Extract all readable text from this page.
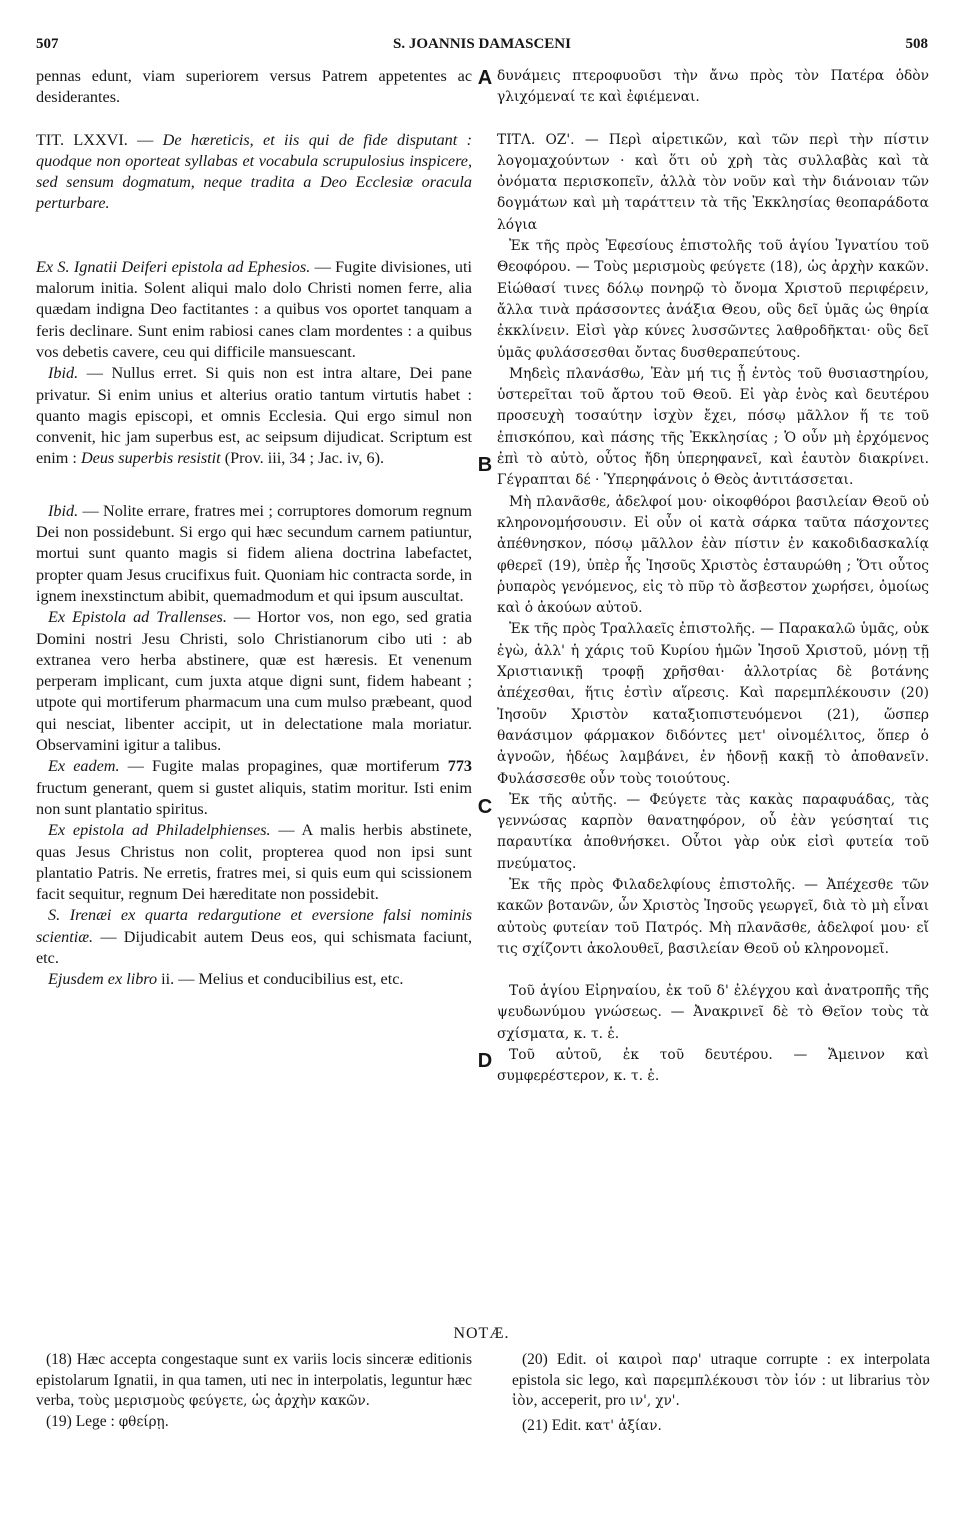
507	S. JOANNIS DAMASCENI	508
A
B
C
D

pennas edunt, viam superiorem versus Patrem appetentes ac desiderantes.

TIT. LXXVI. — De hæreticis, et iis qui de fide disputant : quodque non oporteat syllabas et vocabula scrupulosius inspicere, sed sensum dogmatum, neque tradita a Deo Ecclesiæ oracula perturbare.

Ex S. Ignatii Deiferi epistola ad Ephesios. — Fugite divisiones, uti malorum initia. Solent aliqui malo dolo Christi nomen ferre, alia quædam indigna Deo factitantes : a quibus vos oportet tanquam a feris declinare. Sunt enim rabiosi canes clam mordentes : a quibus vos debetis cavere, ceu qui difficile mansuescant.

Ibid. — Nullus erret. Si quis non est intra altare, Dei pane privatur. Si enim unius et alterius oratio tantum virtutis habet : quanto magis episcopi, et omnis Ecclesia. Qui ergo simul non convenit, hic jam superbus est, ac seipsum dijudicat. Scriptum est enim : Deus superbis resistit (Prov. iii, 34 ; Jac. iv, 6).

Ibid. — Nolite errare, fratres mei ; corruptores domorum regnum Dei non possidebunt. Si ergo qui hæc secundum carnem patiuntur, mortui sunt quanto magis si fidem aliena doctrina labefactet, propter quam Jesus crucifixus fuit. Quoniam hic contracta sorde, in ignem inexstinctum abibit, quemadmodum et qui ipsum auscultat.

Ex Epistola ad Trallenses. — Hortor vos, non ego, sed gratia Domini nostri Jesu Christi, solo Christianorum cibo uti : ab extranea vero herba abstinere, quæ est hæresis. Et venenum perperam implicant, cum juxta atque digni sunt, fidem habeant ; utpote qui mortiferum pharmacum una cum mulso præbeant, quod qui nesciat, libenter accipit, ut in delectatione mala moriatur. Observamini igitur a talibus.

Ex eadem. — Fugite malas propagines, quæ mortiferum 773 fructum generant, quem si gustet aliquis, statim moritur. Isti enim non sunt plantatio spiritus.

Ex epistola ad Philadelphienses. — A malis herbis abstinete, quas Jesus Christus non colit, propterea quod non ipsi sunt plantatio Patris. Ne erretis, fratres mei, si quis eum qui scissionem facit sequitur, regnum Dei hæreditate non possidebit.

S. Irenæi ex quarta redargutione et eversione falsi nominis scientiæ. — Dijudicabit autem Deus eos, qui schismata faciunt, etc.

Ejusdem ex libro ii. — Melius et conducibilius est, etc.

δυνάμεις πτεροφυοῦσι τὴν ἄνω πρὸς τὸν Πατέρα ὁδὸν γλιχόμεναί τε καὶ ἐφιέμεναι.

ΤΙΤΛ. ΟΖ'. — Περὶ αἱρετικῶν, καὶ τῶν περὶ τὴν πίστιν λογομαχούντων · καὶ ὅτι οὐ χρὴ τὰς συλλαβὰς καὶ τὰ ὀνόματα περισκοπεῖν, ἀλλὰ τὸν νοῦν καὶ τὴν διάνοιαν τῶν δογμάτων καὶ μὴ ταράττειν τὰ τῆς Ἐκκλησίας θεοπαράδοτα λόγια

Ἐκ τῆς πρὸς Ἐφεσίους ἐπιστολῆς τοῦ ἁγίου Ἰγνατίου τοῦ Θεοφόρου. — Τοὺς μερισμοὺς φεύγετε (18), ὡς ἀρχὴν κακῶν. Εἰώθασί τινες δόλῳ πονηρῷ τὸ ὄνομα Χριστοῦ περιφέρειν, ἄλλα τινὰ πράσσοντες ἀνάξια Θεου, οὓς δεῖ ὑμᾶς ὡς θηρία ἐκκλίνειν. Εἰσὶ γὰρ κύνες λυσσῶντες λαθροδῆκται· οὓς δεῖ ὑμᾶς φυλάσσεσθαι ὄντας δυσθεραπεύτους.

Μηδεὶς πλανάσθω, Ἐὰν μή τις ᾖ ἐντὸς τοῦ θυσιαστηρίου, ὑστερεῖται τοῦ ἄρτου τοῦ Θεοῦ. Εἰ γὰρ ἑνὸς καὶ δευτέρου προσευχὴ τοσαύτην ἰσχὺν ἔχει, πόσῳ μᾶλλον ἥ τε τοῦ ἐπισκόπου, καὶ πάσης τῆς Ἐκκλησίας ; Ὁ οὖν μὴ ἐρχόμενος ἐπὶ τὸ αὐτὸ, οὗτος ἤδη ὑπερηφανεῖ, καὶ ἑαυτὸν διακρίνει. Γέγραπται δέ · Ὑπερηφάνοις ὁ Θεὸς ἀντιτάσσεται.

Μὴ πλανᾶσθε, ἀδελφοί μου· οἰκοφθόροι βασιλείαν Θεοῦ οὐ κληρονομήσουσιν. Εἰ οὖν οἱ κατὰ σάρκα ταῦτα πάσχοντες ἀπέθνησκον, πόσῳ μᾶλλον ἐὰν πίστιν ἐν κακοδιδασκαλίᾳ φθερεῖ (19), ὑπὲρ ἧς Ἰησοῦς Χριστὸς ἐσταυρώθη ; Ὅτι οὗτος ῥυπαρὸς γενόμενος, εἰς τὸ πῦρ τὸ ἄσβεστον χωρήσει, ὁμοίως καὶ ὁ ἀκούων αὐτοῦ.

Ἐκ τῆς πρὸς Τραλλαεῖς ἐπιστολῆς. — Παρακαλῶ ὑμᾶς, οὐκ ἐγὼ, ἀλλ' ἡ χάρις τοῦ Κυρίου ἡμῶν Ἰησοῦ Χριστοῦ, μόνῃ τῇ Χριστιανικῇ τροφῇ χρῆσθαι· ἀλλοτρίας δὲ βοτάνης ἀπέχεσθαι, ἥτις ἐστὶν αἵρεσις. Καὶ παρεμπλέκουσιν (20) Ἰησοῦν Χριστὸν καταξιοπιστευόμενοι (21), ὥσπερ θανάσιμον φάρμακον διδόντες μετ' οἰνομέλιτος, ὅπερ ὁ ἀγνοῶν, ἡδέως λαμβάνει, ἐν ἡδονῇ κακῇ τὸ ἀποθανεῖν. Φυλάσσεσθε οὖν τοὺς τοιούτους.

Ἐκ τῆς αὐτῆς. — Φεύγετε τὰς κακὰς παραφυάδας, τὰς γεννώσας καρπὸν θανατηφόρον, οὗ ἐὰν γεύσηταί τις παραυτίκα ἀποθνήσκει. Οὗτοι γὰρ οὐκ εἰσὶ φυτεία τοῦ πνεύματος.

Ἐκ τῆς πρὸς Φιλαδελφίους ἐπιστολῆς. — Ἀπέχεσθε τῶν κακῶν βοτανῶν, ὧν Χριστὸς Ἰησοῦς γεωργεῖ, διὰ τὸ μὴ εἶναι αὐτοὺς φυτείαν τοῦ Πατρός. Μὴ πλανᾶσθε, ἀδελφοί μου· εἴ τις σχίζοντι ἀκολουθεῖ, βασιλείαν Θεοῦ οὐ κληρονομεῖ.

Τοῦ ἁγίου Εἰρηναίου, ἐκ τοῦ δ' ἐλέγχου καὶ ἀνατροπῆς τῆς ψευδωνύμου γνώσεως. — Ἀνακρινεῖ δὲ τὸ Θεῖον τοὺς τὰ σχίσματα, κ. τ. ἑ.

Τοῦ αὐτοῦ, ἐκ τοῦ δευτέρου. — Ἄμεινον καὶ συμφερέστερον, κ. τ. ἑ.

NOTÆ.

(18) Hæc accepta congestaque sunt ex variis locis sinceræ editionis epistolarum Ignatii, in qua tamen, uti nec in interpolatis, leguntur hæc verba, τοὺς μερισμοὺς φεύγετε, ὡς ἀρχὴν κακῶν.

(19) Lege : φθείρῃ.

(20) Edit. οἱ καιροὶ παρ' utraque corrupte : ex interpolata epistola sic lego, καὶ παρεμπλέκουσι τὸν ἰόν : ut librarius τὸν ἰὸν, acceperit, pro ιν', χν'.

(21) Edit. κατ' ἀξίαν.
